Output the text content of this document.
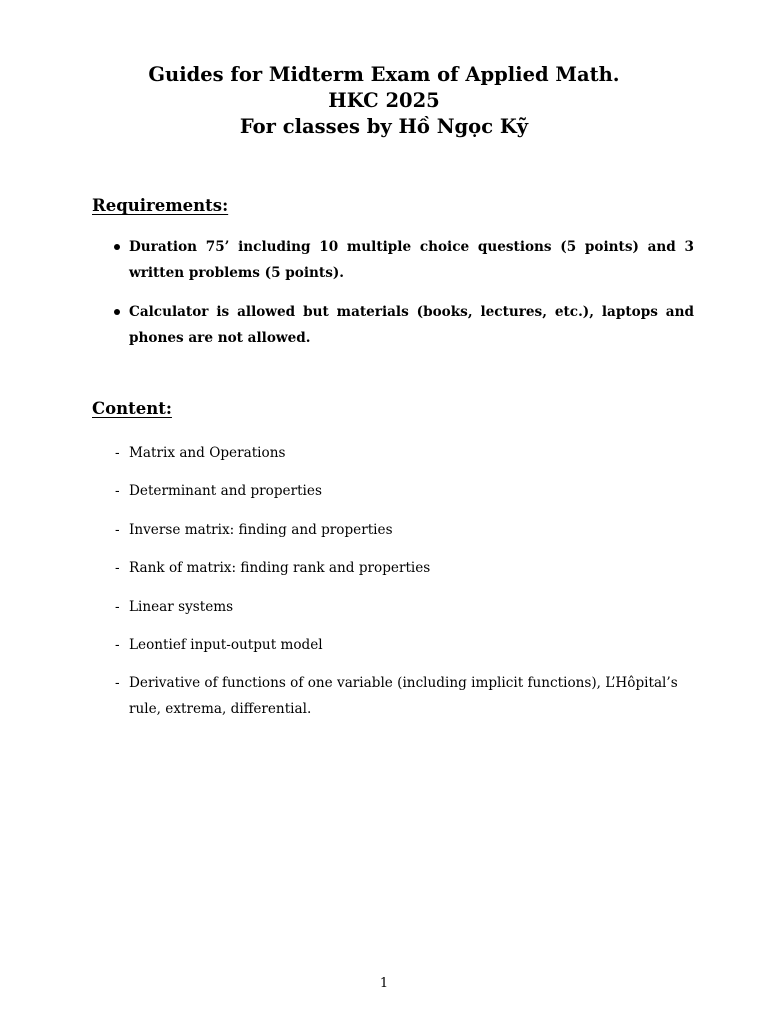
Guides for Midterm Exam of Applied Math.
HKC 2025
For classes by Hồ Ngọc Kỹ
Requirements:
Duration 75’ including 10 multiple choice questions (5 points) and 3 written problems (5 points).
Calculator is allowed but materials (books, lectures, etc.), laptops and phones are not allowed.
Content:
- Matrix and Operations
- Determinant and properties
- Inverse matrix: finding and properties
- Rank of matrix: finding rank and properties
- Linear systems
- Leontief input-output model
- Derivative of functions of one variable (including implicit functions), L’Hôpital’s rule, extrema, differential.
1
